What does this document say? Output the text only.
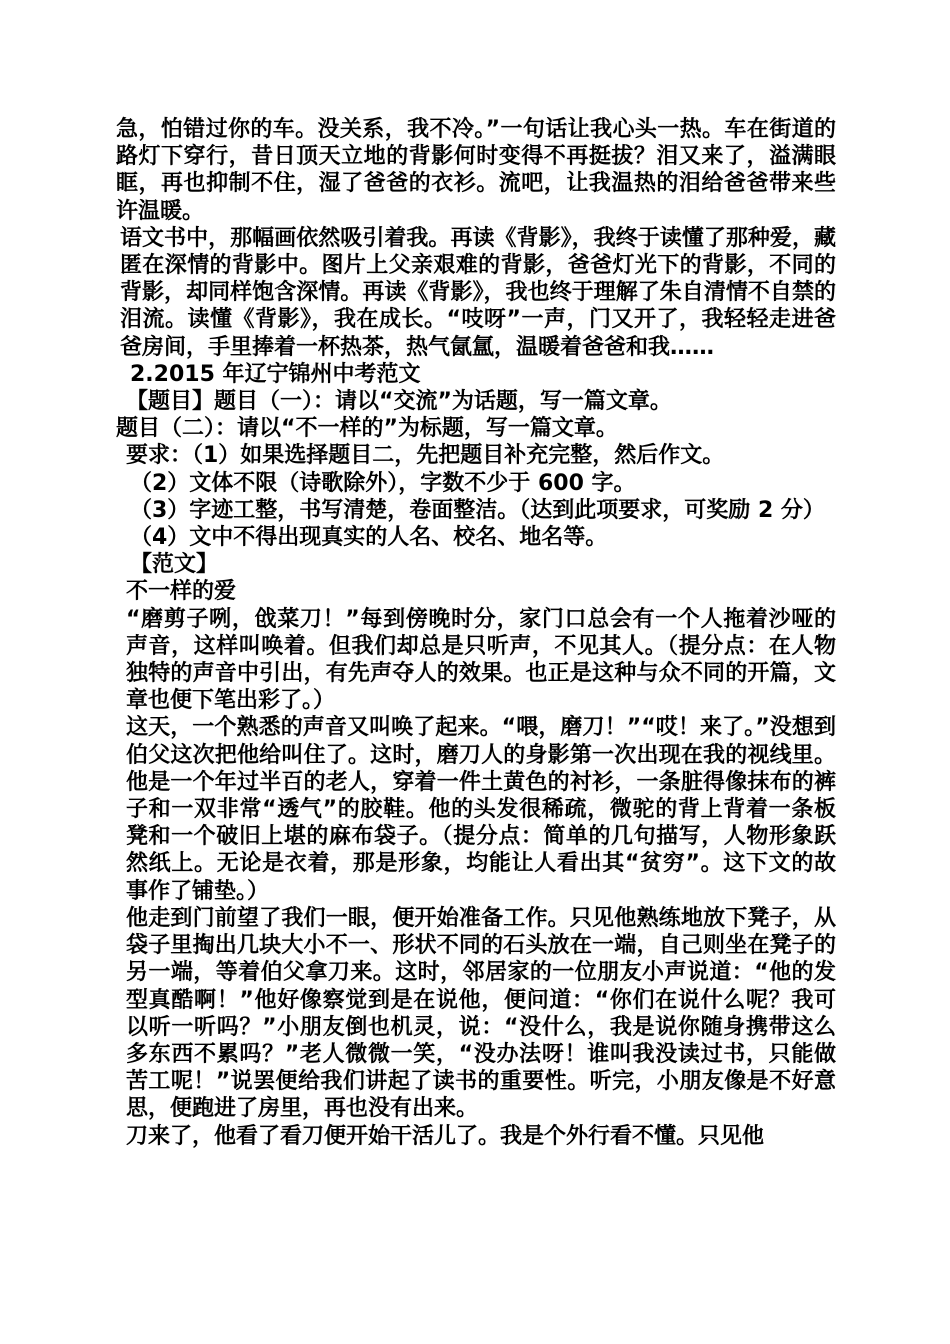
急，怕错过你的车。没关系，我不冷。”一句话让我心头一热。车在街道的路灯下穿行，昔日顶天立地的背影何时变得不再挺拔？泪又来了，溢满眼眶，再也抑制不住，湿了爸爸的衣衫。流吧，让我温热的泪给爸爸带来些许温暖。

语文书中，那幅画依然吸引着我。再读《背影》，我终于读懂了那种爱，藏匿在深情的背影中。图片上父亲艰难的背影，爸爸灯光下的背影，不同的背影，却同样饱含深情。再读《背影》，我也终于理解了朱自清情不自禁的泪流。读懂《背影》，我在成长。“吱呀”一声，门又开了，我轻轻走进爸爸房间，手里捧着一杯热茶，热气氤氲，温暖着爸爸和我……

2.2015 年辽宁锦州中考范文

【题目】题目（一）：请以“交流”为话题，写一篇文章。

题目（二）：请以“不一样的”为标题，写一篇文章。

要求：（1）如果选择题目二，先把题目补充完整，然后作文。

（2）文体不限（诗歌除外），字数不少于 600 字。

（3）字迹工整，书写清楚，卷面整洁。（达到此项要求，可奖励 2 分）

（4）文中不得出现真实的人名、校名、地名等。

【范文】

不一样的爱

“磨剪子咧，戗菜刀！”每到傍晚时分，家门口总会有一个人拖着沙哑的声音，这样叫唤着。但我们却总是只听声，不见其人。（提分点：在人物独特的声音中引出，有先声夺人的效果。也正是这种与众不同的开篇，文章也便下笔出彩了。）

这天，一个熟悉的声音又叫唤了起来。“喂，磨刀！”“哎！来了。”没想到伯父这次把他给叫住了。这时，磨刀人的身影第一次出现在我的视线里。他是一个年过半百的老人，穿着一件土黄色的衬衫，一条脏得像抹布的裤子和一双非常“透气”的胶鞋。他的头发很稀疏，微驼的背上背着一条板凳和一个破旧上堪的麻布袋子。（提分点：简单的几句描写，人物形象跃然纸上。无论是衣着，那是形象，均能让人看出其“贫穷”。这下文的故事作了铺垫。）

他走到门前望了我们一眼，便开始准备工作。只见他熟练地放下凳子，从袋子里掏出几块大小不一、形状不同的石头放在一端，自己则坐在凳子的另一端，等着伯父拿刀来。这时，邻居家的一位朋友小声说道：“他的发型真酷啊！”他好像察觉到是在说他，便问道：“你们在说什么呢？我可以听一听吗？”小朋友倒也机灵，说：“没什么，我是说你随身携带这么多东西不累吗？”老人微微一笑，“没办法呀！谁叫我没读过书，只能做苦工呢！”说罢便给我们讲起了读书的重要性。听完，小朋友像是不好意思，便跑进了房里，再也没有出来。

刀来了，他看了看刀便开始干活儿了。我是个外行看不懂。只见他
